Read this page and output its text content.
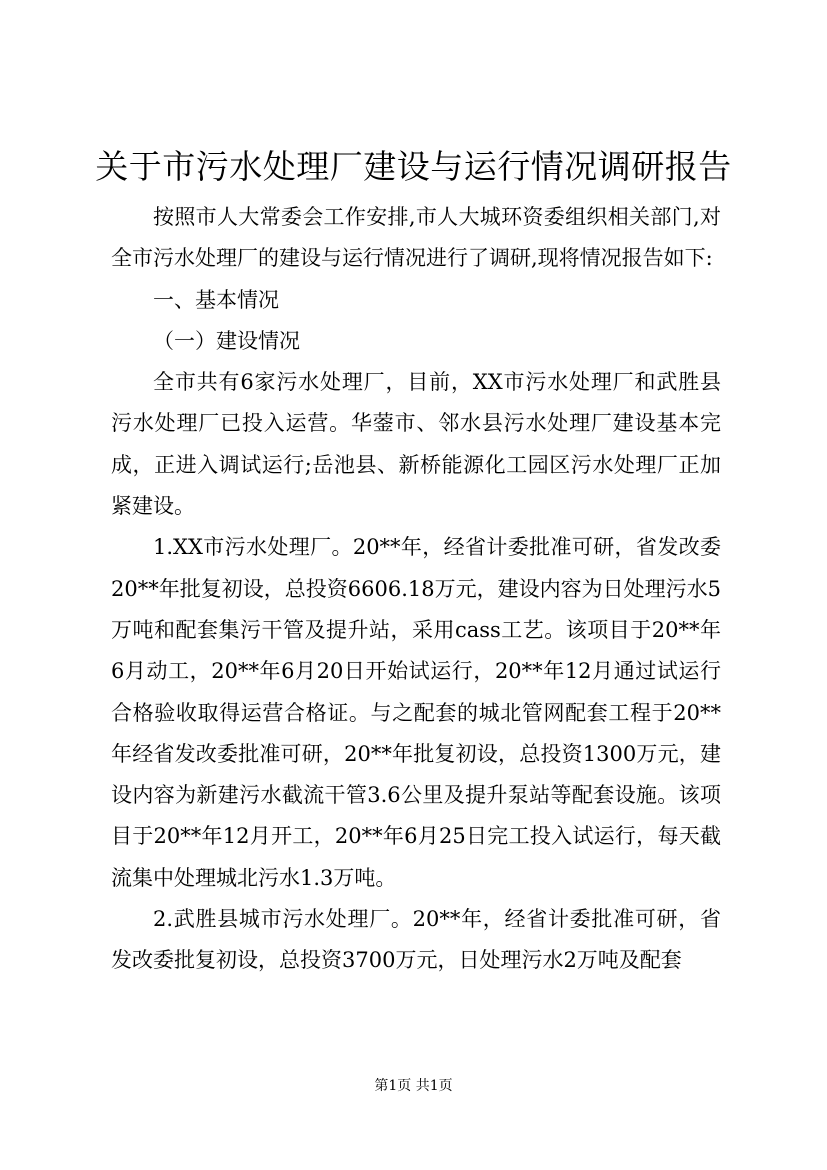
关于市污水处理厂建设与运行情况调研报告

按照市人大常委会工作安排,市人大城环资委组织相关部门,对全市污水处理厂的建设与运行情况进行了调研,现将情况报告如下:

一、基本情况

（一）建设情况

全市共有6家污水处理厂，目前，XX市污水处理厂和武胜县污水处理厂已投入运营。华蓥市、邻水县污水处理厂建设基本完成，正进入调试运行;岳池县、新桥能源化工园区污水处理厂正加紧建设。

1.XX市污水处理厂。20**年，经省计委批准可研，省发改委20**年批复初设，总投资6606.18万元，建设内容为日处理污水5万吨和配套集污干管及提升站，采用cass工艺。该项目于20**年6月动工，20**年6月20日开始试运行，20**年12月通过试运行合格验收取得运营合格证。与之配套的城北管网配套工程于20**年经省发改委批准可研，20**年批复初设，总投资1300万元，建设内容为新建污水截流干管3.6公里及提升泵站等配套设施。该项目于20**年12月开工，20**年6月25日完工投入试运行，每天截流集中处理城北污水1.3万吨。

2.武胜县城市污水处理厂。20**年，经省计委批准可研，省发改委批复初设，总投资3700万元，日处理污水2万吨及配套

第1页 共1页
